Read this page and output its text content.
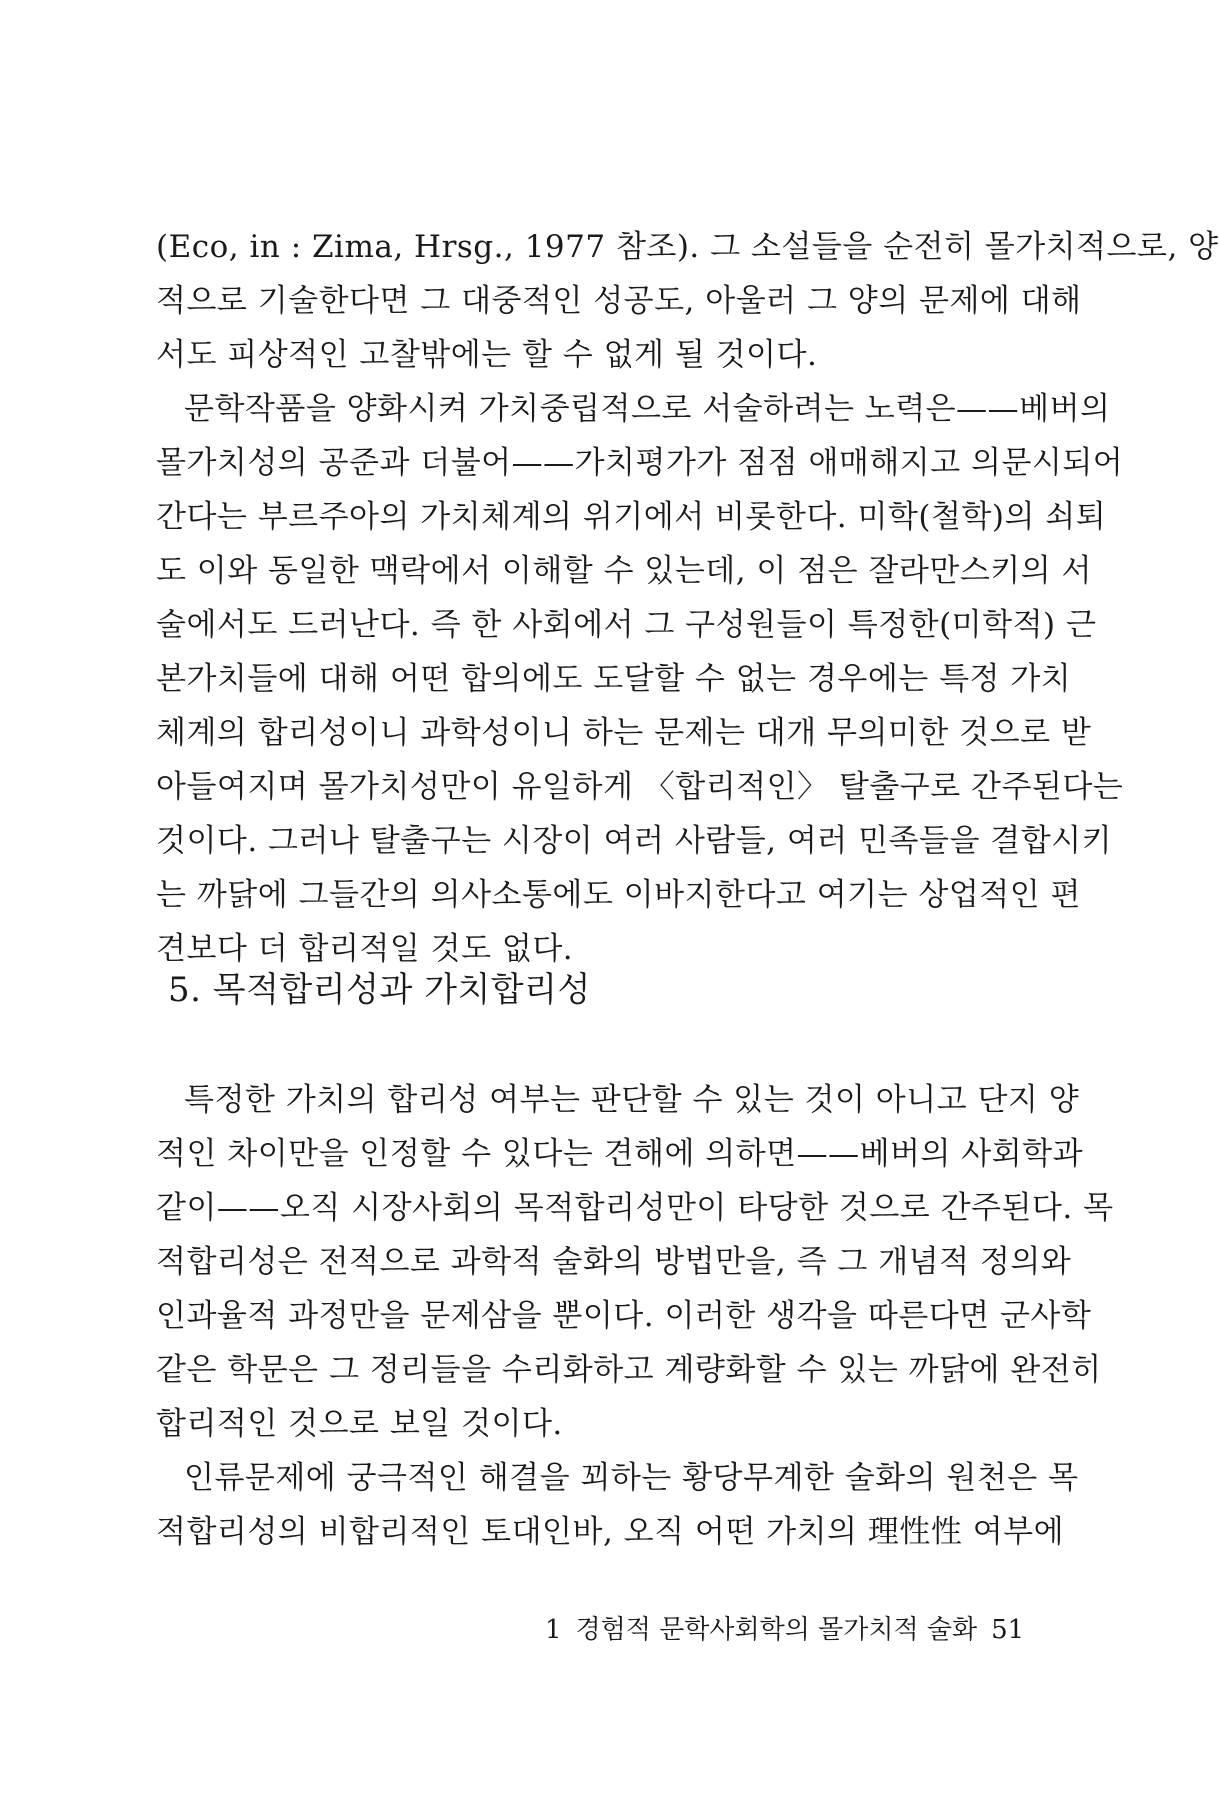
(Eco, in : Zima, Hrsg., 1977 참조). 그 소설들을 순전히 몰가치적으로, 양
적으로 기술한다면 그 대중적인 성공도, 아울러 그 양의 문제에 대해
서도 피상적인 고찰밖에는 할 수 없게 될 것이다.
문학작품을 양화시켜 가치중립적으로 서술하려는 노력은——베버의
몰가치성의 공준과 더불어——가치평가가 점점 애매해지고 의문시되어
간다는 부르주아의 가치체계의 위기에서 비롯한다. 미학(철학)의 쇠퇴
도 이와 동일한 맥락에서 이해할 수 있는데, 이 점은 잘라만스키의 서
술에서도 드러난다. 즉 한 사회에서 그 구성원들이 특정한(미학적) 근
본가치들에 대해 어떤 합의에도 도달할 수 없는 경우에는 특정 가치
체계의 합리성이니 과학성이니 하는 문제는 대개 무의미한 것으로 받
아들여지며 몰가치성만이 유일하게 〈합리적인〉 탈출구로 간주된다는
것이다. 그러나 탈출구는 시장이 여러 사람들, 여러 민족들을 결합시키
는 까닭에 그들간의 의사소통에도 이바지한다고 여기는 상업적인 편
견보다 더 합리적일 것도 없다.
5. 목적합리성과 가치합리성
특정한 가치의 합리성 여부는 판단할 수 있는 것이 아니고 단지 양
적인 차이만을 인정할 수 있다는 견해에 의하면——베버의 사회학과
같이——오직 시장사회의 목적합리성만이 타당한 것으로 간주된다. 목
적합리성은 전적으로 과학적 술화의 방법만을, 즉 그 개념적 정의와
인과율적 과정만을 문제삼을 뿐이다. 이러한 생각을 따른다면 군사학
같은 학문은 그 정리들을 수리화하고 계량화할 수 있는 까닭에 완전히
합리적인 것으로 보일 것이다.
인류문제에 궁극적인 해결을 꾀하는 황당무계한 술화의 원천은 목
적합리성의 비합리적인 토대인바, 오직 어떤 가치의 理性性 여부에
1 경험적 문학사회학의 몰가치적 술화 51
